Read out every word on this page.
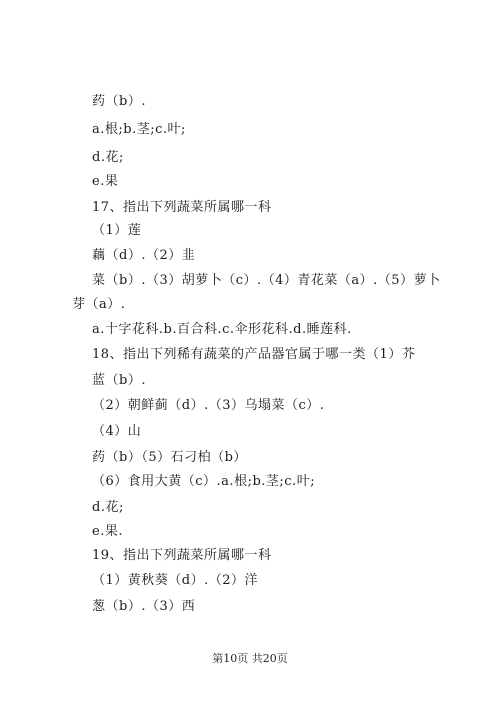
药（b）.
a.根;b.茎;c.叶;
d.花;
e.果
17、指出下列蔬菜所属哪一科
（1）莲
藕（d）.（2）韭
菜（b）.（3）胡萝卜（c）.（4）青花菜（a）.（5）萝卜
芽（a）.
a.十字花科.b.百合科.c.伞形花科.d.睡莲科.
18、指出下列稀有蔬菜的产品器官属于哪一类（1）芥
蓝（b）.
（2）朝鲜蓟（d）.（3）乌塌菜（c）.
（4）山
药（b）（5）石刁柏（b）
（6）食用大黄（c）.a.根;b.茎;c.叶;
d.花;
e.果.
19、指出下列蔬菜所属哪一科
（1）黄秋葵（d）.（2）洋
葱（b）.（3）西
第10页 共20页
